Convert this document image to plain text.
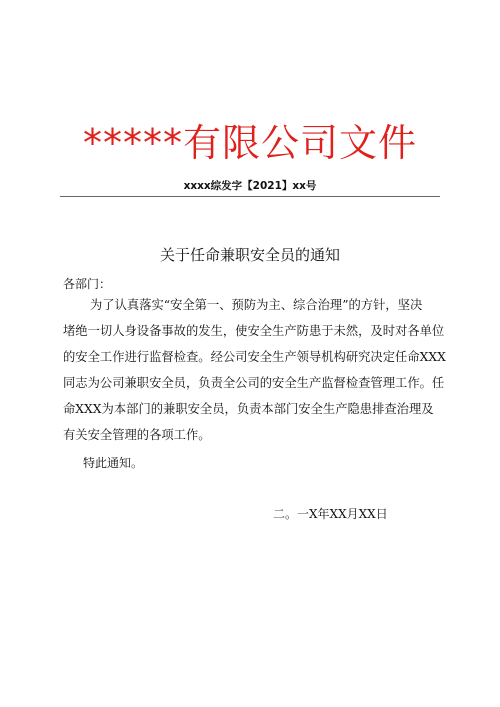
*****有限公司文件
xxxx综发字【2021】xx号
关于任命兼职安全员的通知
各部门：
为了认真落实“安全第一、预防为主、综合治理”的方针，坚决
堵绝一切人身设备事故的发生，使安全生产防患于未然，及时对各单位
的安全工作进行监督检查。经公司安全生产领导机构研究决定任命XXX
同志为公司兼职安全员，负责全公司的安全生产监督检查管理工作。任
命XXX为本部门的兼职安全员，负责本部门安全生产隐患排查治理及
有关安全管理的各项工作。
特此通知。
二。一X年XX月XX日
